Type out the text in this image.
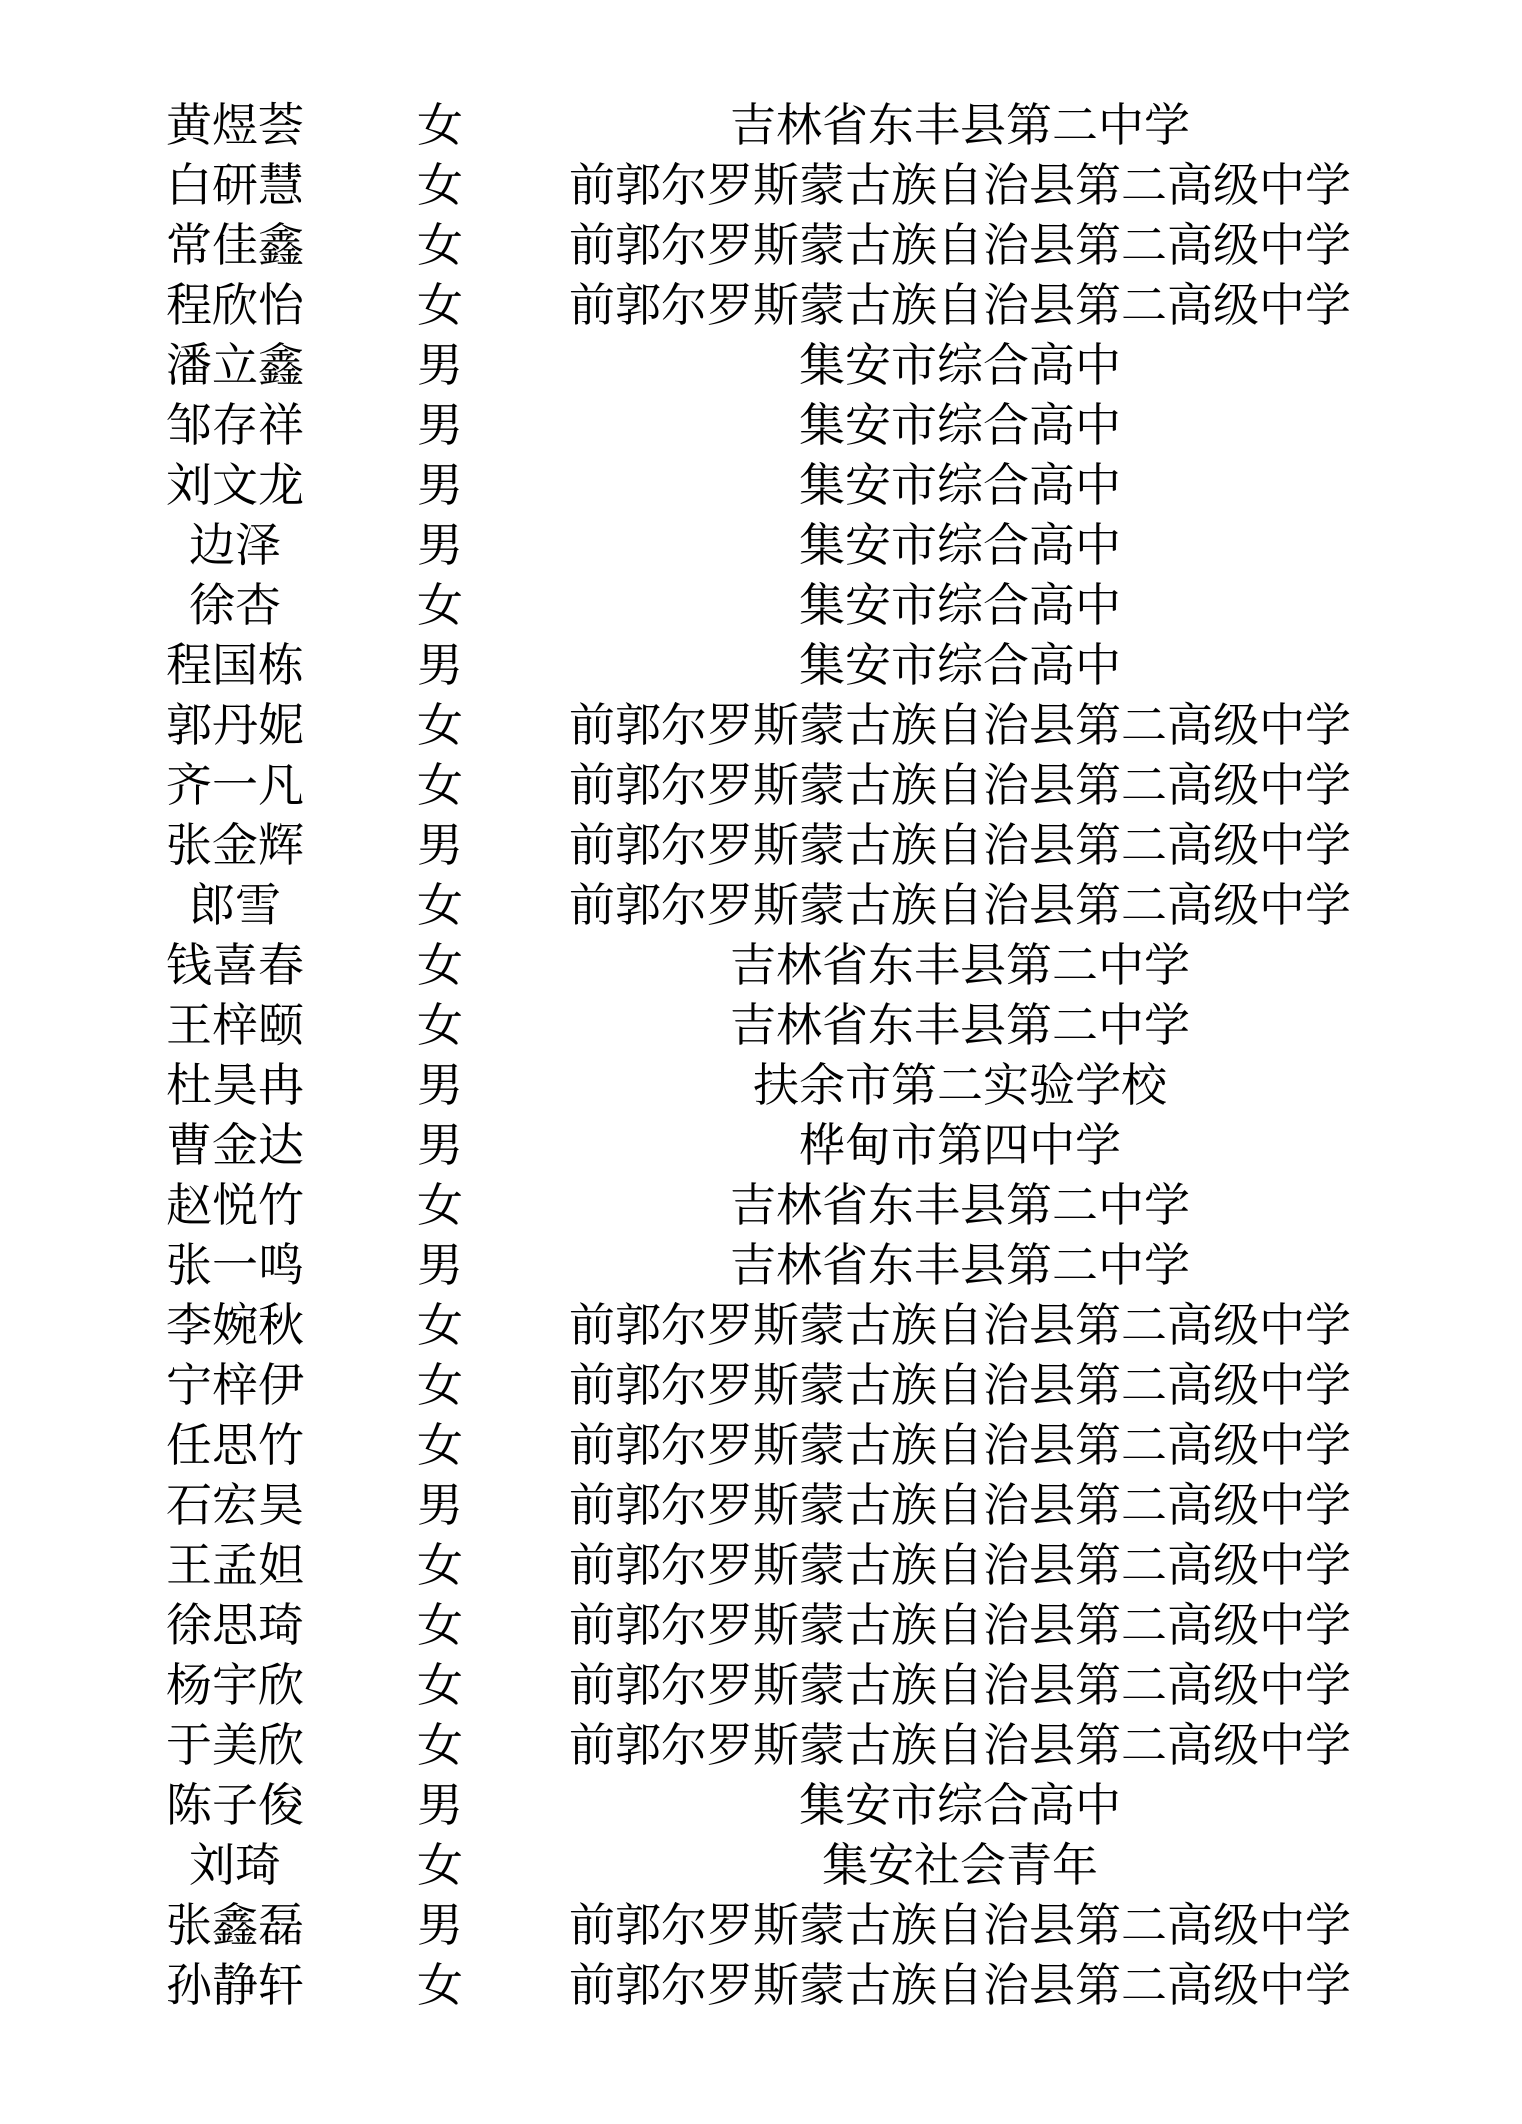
黄煜荟	女	吉林省东丰县第二中学
白研慧	女	前郭尔罗斯蒙古族自治县第二高级中学
常佳鑫	女	前郭尔罗斯蒙古族自治县第二高级中学
程欣怡	女	前郭尔罗斯蒙古族自治县第二高级中学
潘立鑫	男	集安市综合高中
邹存祥	男	集安市综合高中
刘文龙	男	集安市综合高中
边泽	男	集安市综合高中
徐杏	女	集安市综合高中
程国栋	男	集安市综合高中
郭丹妮	女	前郭尔罗斯蒙古族自治县第二高级中学
齐一凡	女	前郭尔罗斯蒙古族自治县第二高级中学
张金辉	男	前郭尔罗斯蒙古族自治县第二高级中学
郎雪	女	前郭尔罗斯蒙古族自治县第二高级中学
钱喜春	女	吉林省东丰县第二中学
王梓颐	女	吉林省东丰县第二中学
杜昊冉	男	扶余市第二实验学校
曹金达	男	桦甸市第四中学
赵悦竹	女	吉林省东丰县第二中学
张一鸣	男	吉林省东丰县第二中学
李婉秋	女	前郭尔罗斯蒙古族自治县第二高级中学
宁梓伊	女	前郭尔罗斯蒙古族自治县第二高级中学
任思竹	女	前郭尔罗斯蒙古族自治县第二高级中学
石宏昊	男	前郭尔罗斯蒙古族自治县第二高级中学
王孟妲	女	前郭尔罗斯蒙古族自治县第二高级中学
徐思琦	女	前郭尔罗斯蒙古族自治县第二高级中学
杨宇欣	女	前郭尔罗斯蒙古族自治县第二高级中学
于美欣	女	前郭尔罗斯蒙古族自治县第二高级中学
陈子俊	男	集安市综合高中
刘琦	女	集安社会青年
张鑫磊	男	前郭尔罗斯蒙古族自治县第二高级中学
孙静轩	女	前郭尔罗斯蒙古族自治县第二高级中学
